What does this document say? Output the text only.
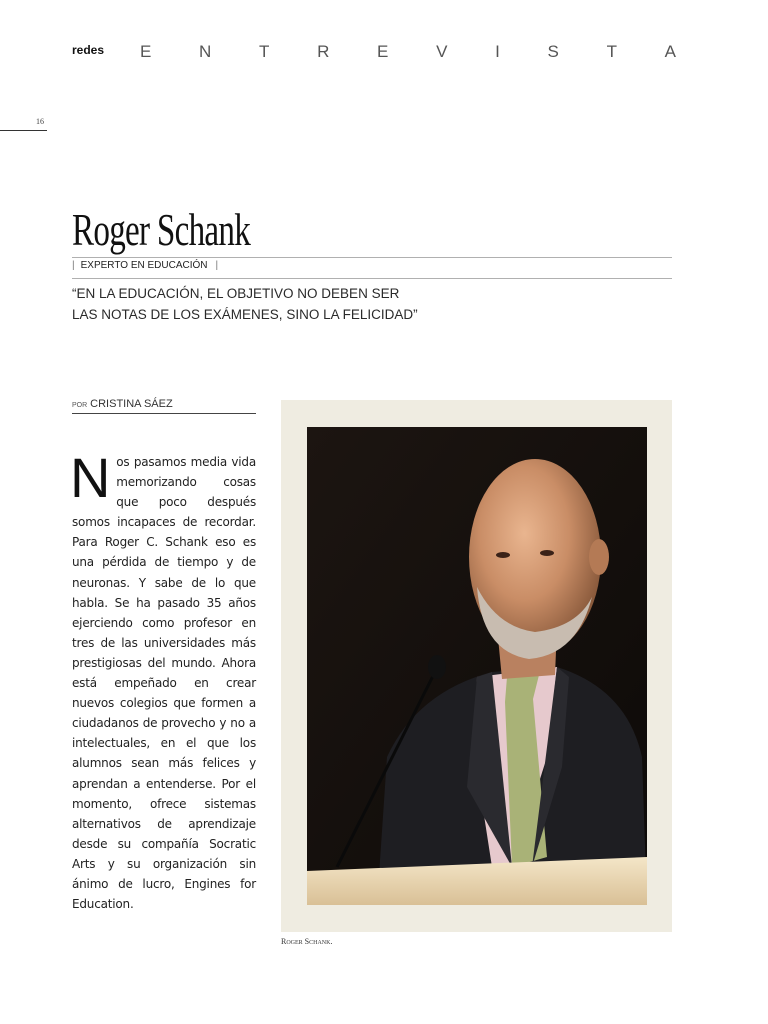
redes E	N	T	R	E	V	I	S	T	A
16
Roger Schank
| EXPERTO EN EDUCACIÓN |
“EN LA EDUCACIÓN, EL OBJETIVO NO DEBEN SER
LAS NOTAS DE LOS EXÁMENES, SINO LA FELICIDAD”
POR CRISTINA SÁEZ
Nos pasamos media vida memorizando cosas que poco después somos incapaces de recordar. Para Roger C. Schank eso es una pérdida de tiempo y de neuronas. Y sabe de lo que habla. Se ha pasado 35 años ejerciendo como profesor en tres de las universidades más prestigiosas del mundo. Ahora está empeñado en crear nuevos colegios que formen a ciudadanos de provecho y no a intelectuales, en el que los alumnos sean más felices y aprendan a entenderse. Por el momento, ofrece sistemas alternativos de aprendizaje desde su compañía Socratic Arts y su organización sin ánimo de lucro, Engines for Education.
Roger Schank.
